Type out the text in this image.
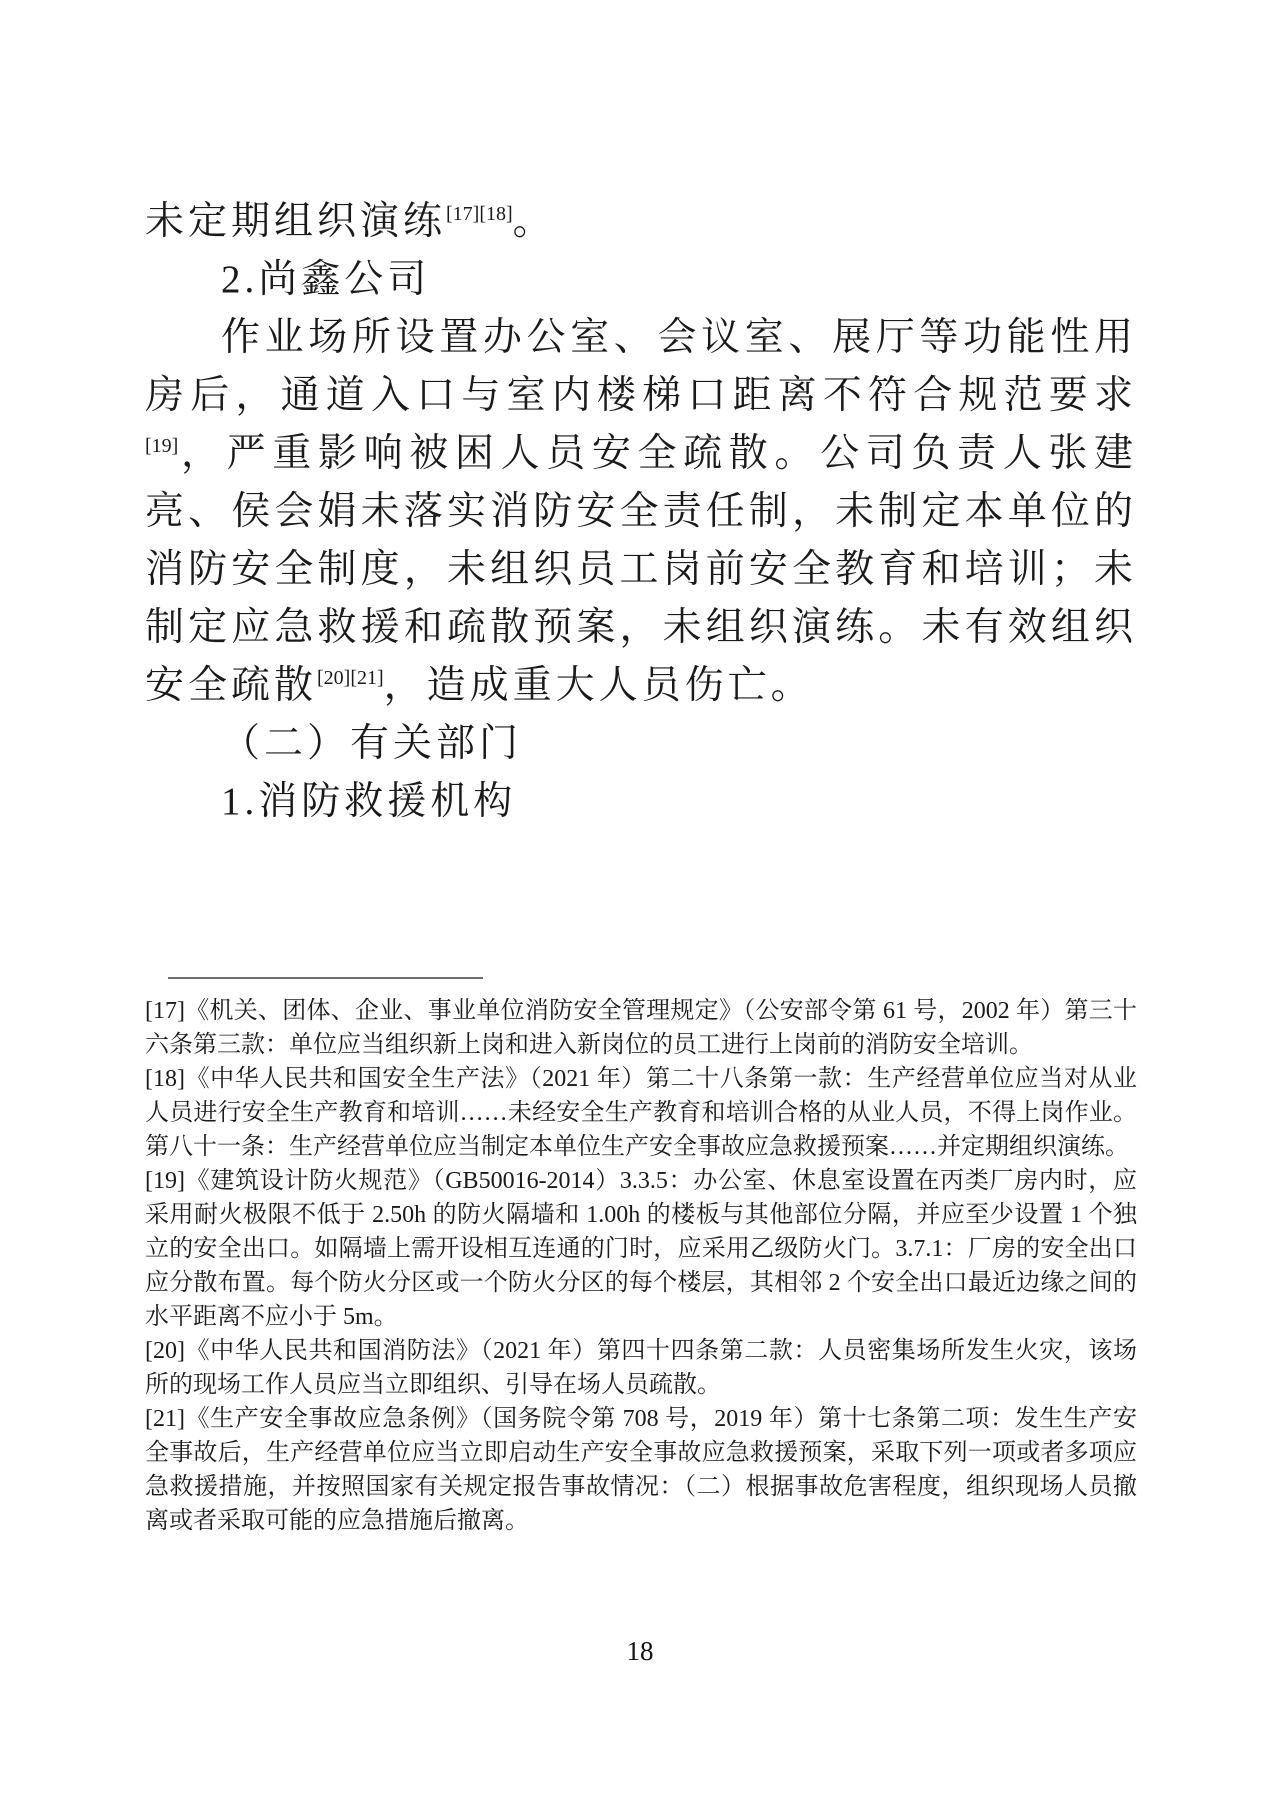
未定期组织演练[17][18]。

2.尚鑫公司

作业场所设置办公室、会议室、展厅等功能性用房后，通道入口与室内楼梯口距离不符合规范要求[19]，严重影响被困人员安全疏散。公司负责人张建亮、侯会娟未落实消防安全责任制，未制定本单位的消防安全制度，未组织员工岗前安全教育和培训；未制定应急救援和疏散预案，未组织演练。未有效组织安全疏散[20][21]，造成重大人员伤亡。

（二）有关部门

1.消防救援机构

[17]《机关、团体、企业、事业单位消防安全管理规定》（公安部令第 61 号，2002 年）第三十六条第三款：单位应当组织新上岗和进入新岗位的员工进行上岗前的消防安全培训。

[18]《中华人民共和国安全生产法》（2021 年）第二十八条第一款：生产经营单位应当对从业人员进行安全生产教育和培训……未经安全生产教育和培训合格的从业人员，不得上岗作业。第八十一条：生产经营单位应当制定本单位生产安全事故应急救援预案……并定期组织演练。

[19]《建筑设计防火规范》（GB50016-2014）3.3.5：办公室、休息室设置在丙类厂房内时，应采用耐火极限不低于 2.50h 的防火隔墙和 1.00h 的楼板与其他部位分隔，并应至少设置 1 个独立的安全出口。如隔墙上需开设相互连通的门时，应采用乙级防火门。3.7.1：厂房的安全出口应分散布置。每个防火分区或一个防火分区的每个楼层，其相邻 2 个安全出口最近边缘之间的水平距离不应小于 5m。

[20]《中华人民共和国消防法》（2021 年）第四十四条第二款：人员密集场所发生火灾，该场所的现场工作人员应当立即组织、引导在场人员疏散。

[21]《生产安全事故应急条例》（国务院令第 708 号，2019 年）第十七条第二项：发生生产安全事故后，生产经营单位应当立即启动生产安全事故应急救援预案，采取下列一项或者多项应急救援措施，并按照国家有关规定报告事故情况：（二）根据事故危害程度，组织现场人员撤离或者采取可能的应急措施后撤离。

18
